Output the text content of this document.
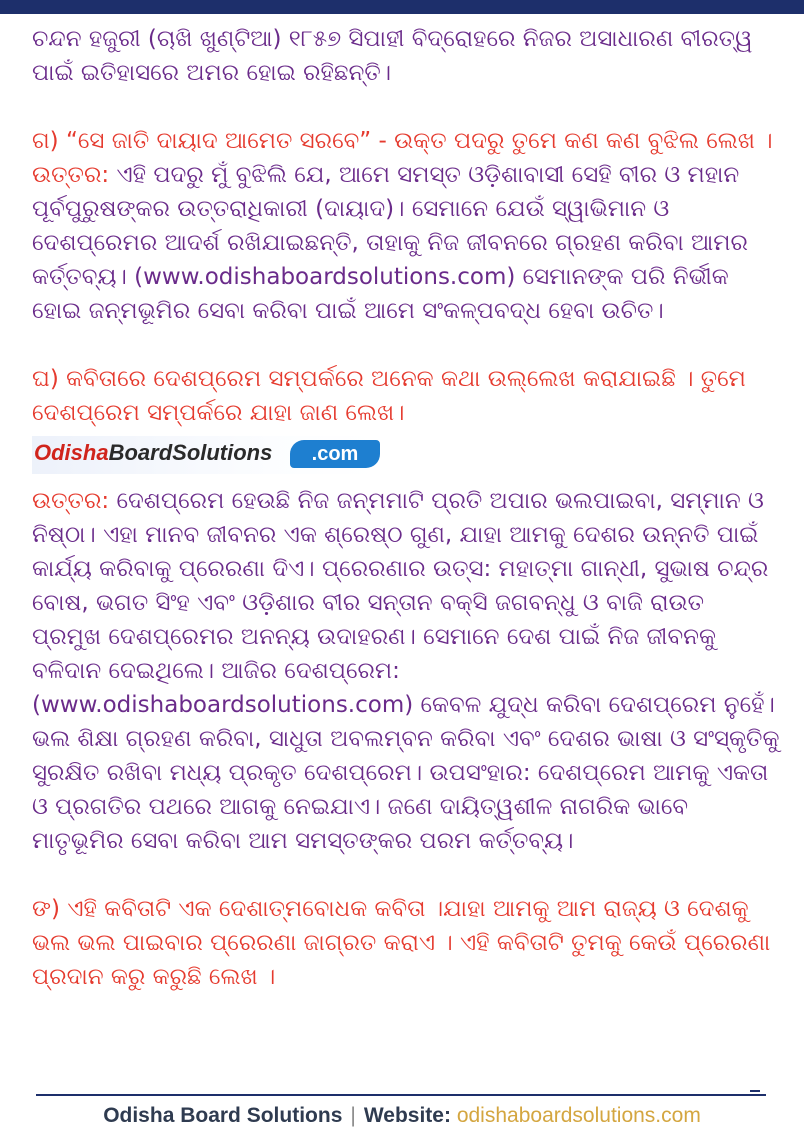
ଚନ୍ଦନ ହଜୁରୀ (ଚାଖି ଖୁଣ୍ଟିଆ) ୧୮୫୭ ସିପାହୀ ବିଦ୍ରୋହରେ ନିଜର ଅସାଧାରଣ ବୀରତ୍ୱ ପାଇଁ ଇତିହାସରେ ଅମର ହୋଇ ରହିଛନ୍ତି।

ଗ) “ସେ ଜାତି ଦାୟାଦ ଆମେତ ସରବେ” - ଉକ୍ତ ପଦରୁ ତୁମେ କଣ କଣ ବୁଝିଲ ଲେଖ ।

ଉତ୍ତର: ଏହି ପଦରୁ ମୁଁ ବୁଝିଲି ଯେ, ଆମେ ସମସ୍ତ ଓଡ଼ିଶାବାସୀ ସେହି ବୀର ଓ ମହାନ ପୂର୍ବପୁରୁଷଙ୍କର ଉତ୍ତରାଧିକାରୀ (ଦାୟାଦ)। ସେମାନେ ଯେଉଁ ସ୍ୱାଭିମାନ ଓ ଦେଶପ୍ରେମର ଆଦର୍ଶ ରଖିଯାଇଛନ୍ତି, ତାହାକୁ ନିଜ ଜୀବନରେ ଗ୍ରହଣ କରିବା ଆମର କର୍ତ୍ତବ୍ୟ। (www.odishaboardsolutions.com) ସେମାନଙ୍କ ପରି ନିର୍ଭୀକ ହୋଇ ଜନ୍ମଭୂମିର ସେବା କରିବା ପାଇଁ ଆମେ ସଂକଳ୍ପବଦ୍ଧ ହେବା ଉଚିତ।

ଘ) କବିତାରେ ଦେଶପ୍ରେମ ସମ୍ପର୍କରେ ଅନେକ କଥା ଉଲ୍ଲେଖ କରାଯାଇଛି । ତୁମେ ଦେଶପ୍ରେମ ସମ୍ପର୍କରେ ଯାହା ଜାଣ ଲେଖ।

OdishaBoardSolutions	.com

ଉତ୍ତର: ଦେଶପ୍ରେମ ହେଉଛି ନିଜ ଜନ୍ମମାଟି ପ୍ରତି ଅପାର ଭଲପାଇବା, ସମ୍ମାନ ଓ ନିଷ୍ଠା। ଏହା ମାନବ ଜୀବନର ଏକ ଶ୍ରେଷ୍ଠ ଗୁଣ, ଯାହା ଆମକୁ ଦେଶର ଉନ୍ନତି ପାଇଁ କାର୍ଯ୍ୟ କରିବାକୁ ପ୍ରେରଣା ଦିଏ। ପ୍ରେରଣାର ଉତ୍ସ: ମହାତ୍ମା ଗାନ୍ଧୀ, ସୁଭାଷ ଚନ୍ଦ୍ର ବୋଷ, ଭଗତ ସିଂହ ଏବଂ ଓଡ଼ିଶାର ବୀର ସନ୍ତାନ ବକ୍ସି ଜଗବନ୍ଧୁ ଓ ବାଜି ରାଉତ ପ୍ରମୁଖ ଦେଶପ୍ରେମର ଅନନ୍ୟ ଉଦାହରଣ। ସେମାନେ ଦେଶ ପାଇଁ ନିଜ ଜୀବନକୁ ବଳିଦାନ ଦେଇଥିଲେ। ଆଜିର ଦେଶପ୍ରେମ: (www.odishaboardsolutions.com) କେବଳ ଯୁଦ୍ଧ କରିବା ଦେଶପ୍ରେମ ନୁହେଁ। ଭଲ ଶିକ୍ଷା ଗ୍ରହଣ କରିବା, ସାଧୁତା ଅବଲମ୍ବନ କରିବା ଏବଂ ଦେଶର ଭାଷା ଓ ସଂସ୍କୃତିକୁ ସୁରକ୍ଷିତ ରଖିବା ମଧ୍ୟ ପ୍ରକୃତ ଦେଶପ୍ରେମ। ଉପସଂହାର: ଦେଶପ୍ରେମ ଆମକୁ ଏକତା ଓ ପ୍ରଗତିର ପଥରେ ଆଗକୁ ନେଇଯାଏ। ଜଣେ ଦାୟିତ୍ୱଶୀଳ ନାଗରିକ ଭାବେ ମାତୃଭୂମିର ସେବା କରିବା ଆମ ସମସ୍ତଙ୍କର ପରମ କର୍ତ୍ତବ୍ୟ।

ଙ) ଏହି କବିତାଟି ଏକ ଦେଶାତ୍ମବୋଧକ କବିତା ।ଯାହା ଆମକୁ ଆମ ରାଜ୍ୟ ଓ ଦେଶକୁ ଭଲ ଭଲ ପାଇବାର ପ୍ରେରଣା ଜାଗ୍ରତ କରାଏ । ଏହି କବିତାଟି ତୁମକୁ କେଉଁ ପ୍ରେରଣା ପ୍ରଦାନ କରୁ କରୁଛି ଲେଖ ।

Odisha Board Solutions | Website: odishaboardsolutions.com
